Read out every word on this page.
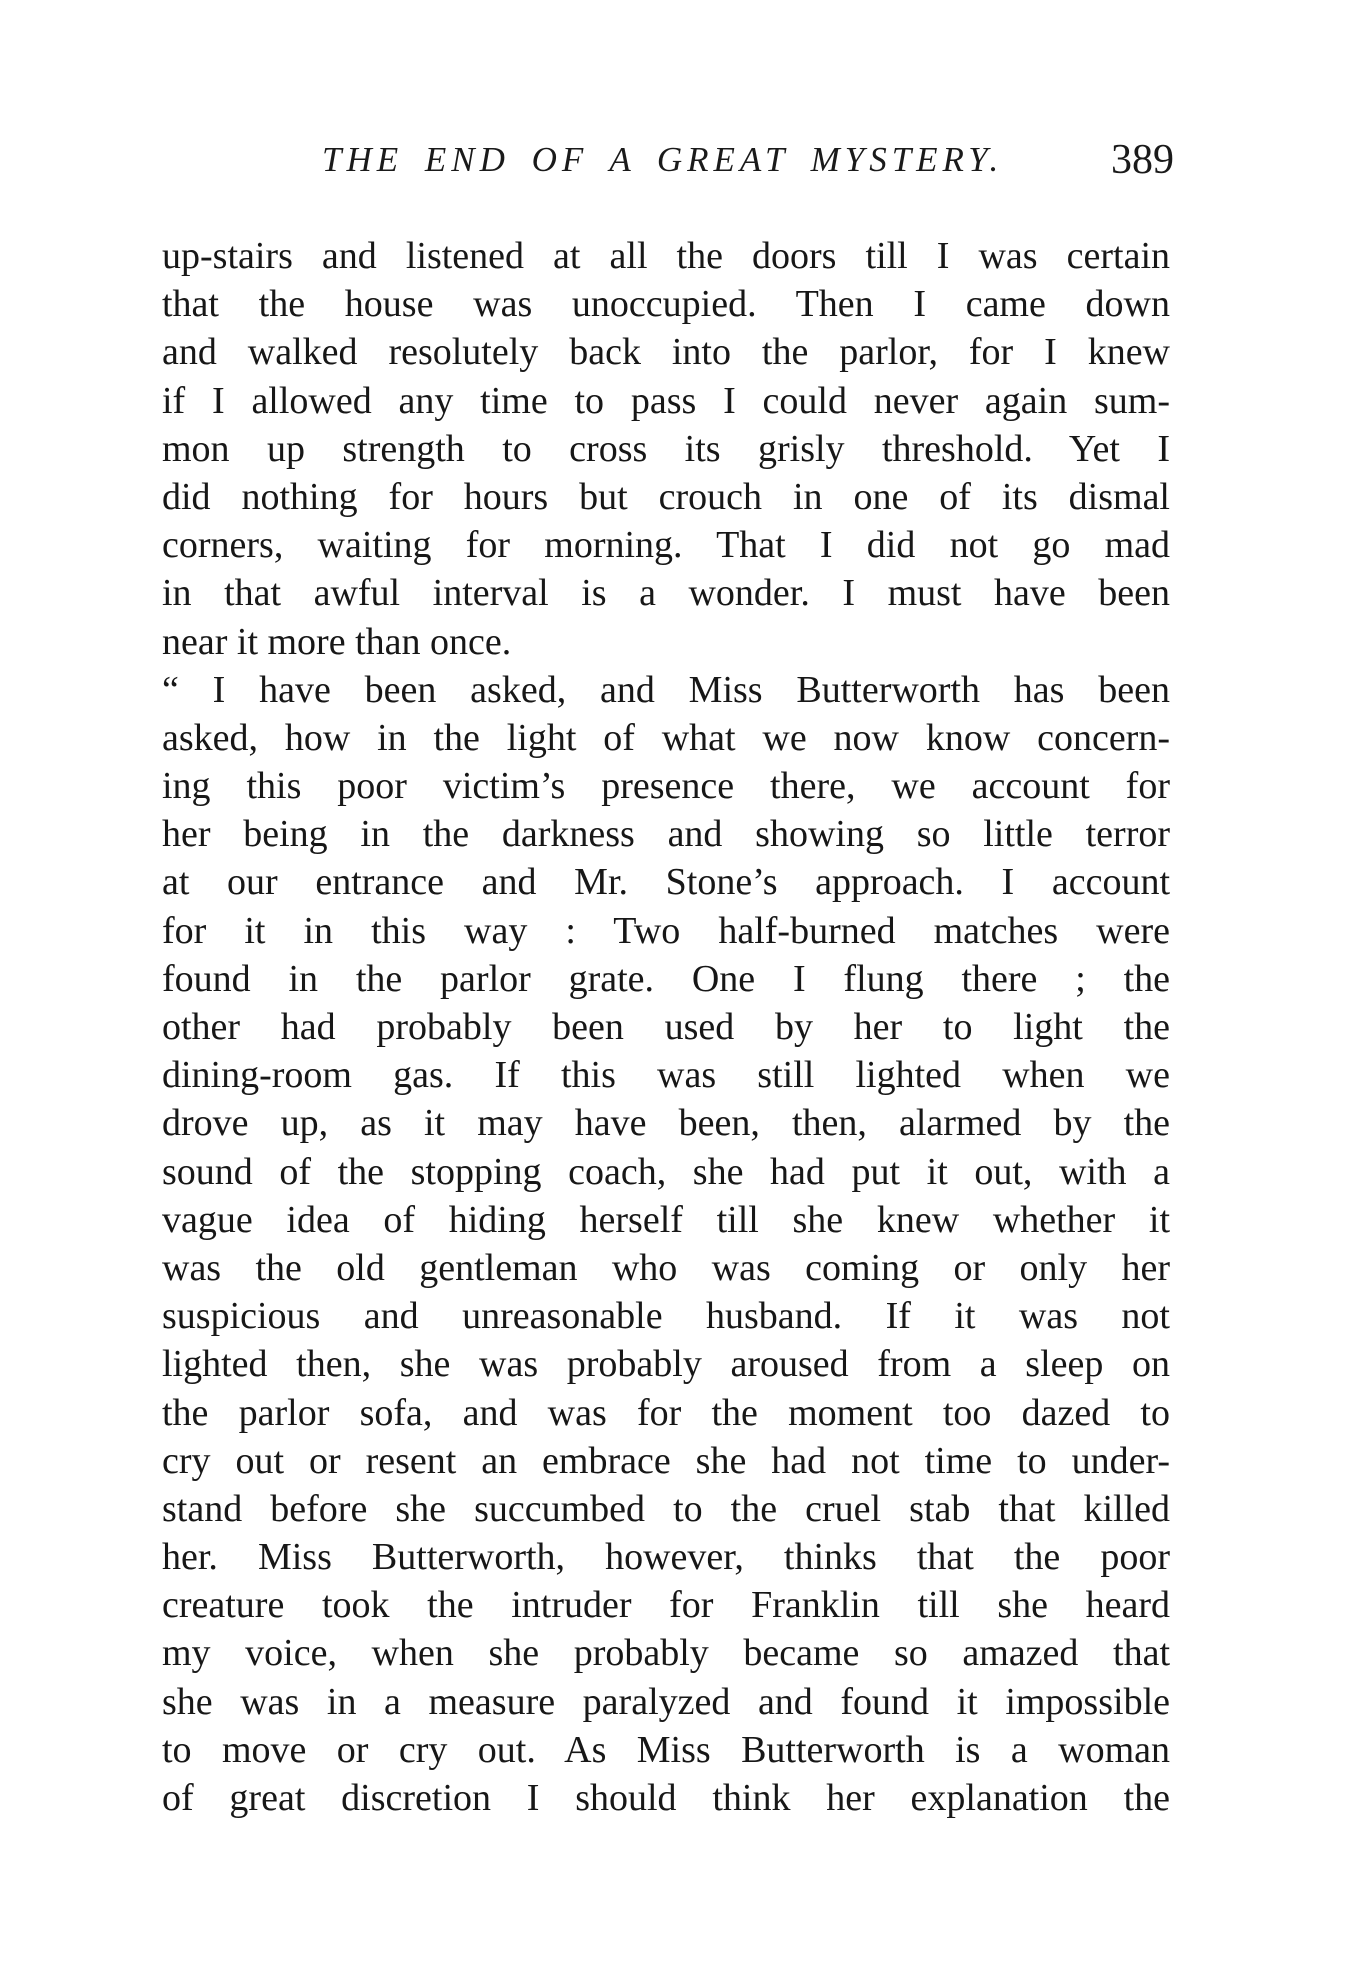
THE END OF A GREAT MYSTERY.	389
up-stairs and listened at all the doors till I was certain
that the house was unoccupied. Then I came down
and walked resolutely back into the parlor, for I knew
if I allowed any time to pass I could never again sum-
mon up strength to cross its grisly threshold. Yet I
did nothing for hours but crouch in one of its dismal
corners, waiting for morning. That I did not go mad
in that awful interval is a wonder. I must have been
near it more than once.
“ I have been asked, and Miss Butterworth has been
asked, how in the light of what we now know concern-
ing this poor victim’s presence there, we account for
her being in the darkness and showing so little terror
at our entrance and Mr. Stone’s approach. I account
for it in this way : Two half-burned matches were
found in the parlor grate. One I flung there ; the
other had probably been used by her to light the
dining-room gas. If this was still lighted when we
drove up, as it may have been, then, alarmed by the
sound of the stopping coach, she had put it out, with a
vague idea of hiding herself till she knew whether it
was the old gentleman who was coming or only her
suspicious and unreasonable husband. If it was not
lighted then, she was probably aroused from a sleep on
the parlor sofa, and was for the moment too dazed to
cry out or resent an embrace she had not time to under-
stand before she succumbed to the cruel stab that killed
her. Miss Butterworth, however, thinks that the poor
creature took the intruder for Franklin till she heard
my voice, when she probably became so amazed that
she was in a measure paralyzed and found it impossible
to move or cry out. As Miss Butterworth is a woman
of great discretion I should think her explanation the
